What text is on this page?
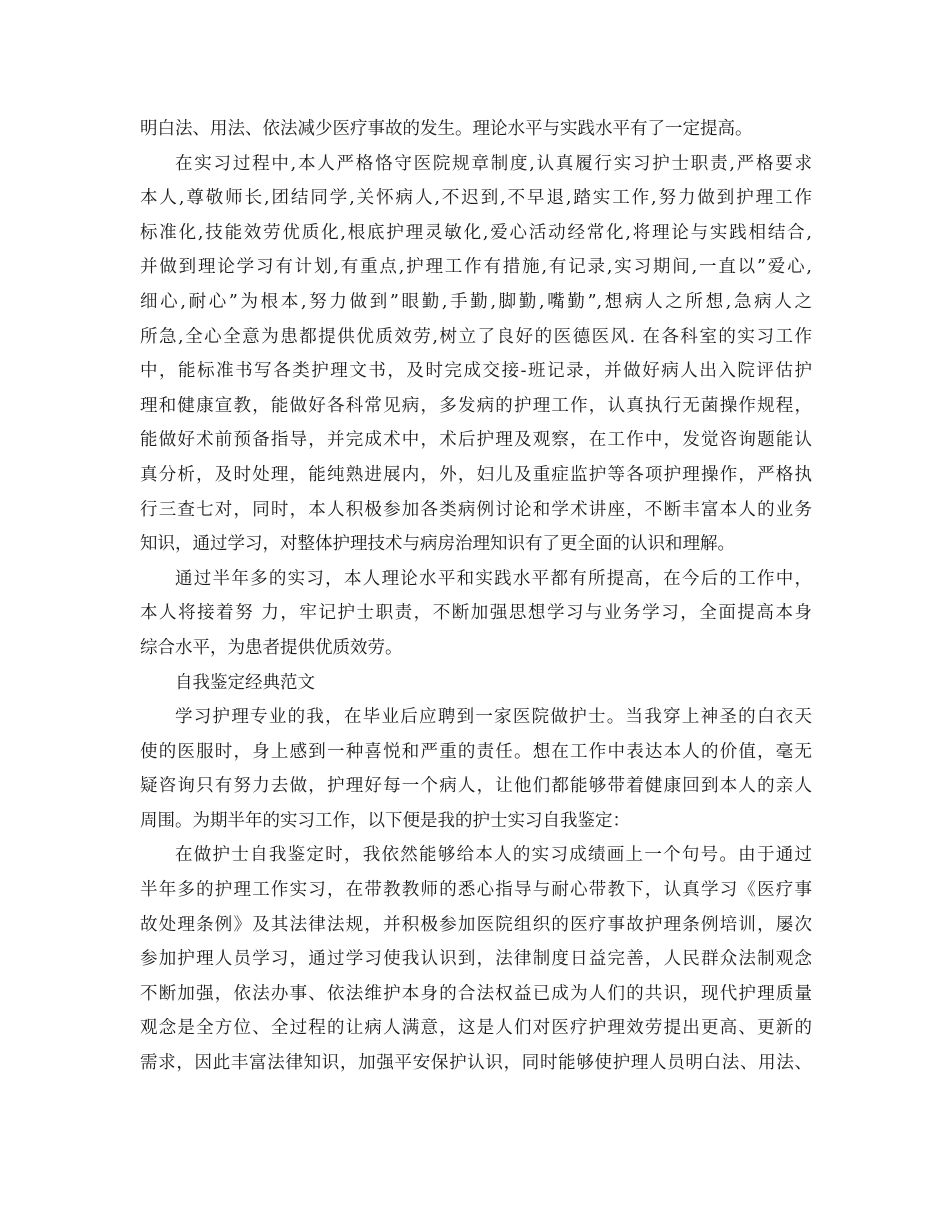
明白法、用法、依法减少医疗事故的发生。理论水平与实践水平有了一定提高。
在实习过程中,本人严格恪守医院规章制度,认真履行实习护士职责,严格要求
本人,尊敬师长,团结同学,关怀病人,不迟到,不早退,踏实工作,努力做到护理工作
标准化,技能效劳优质化,根底护理灵敏化,爱心活动经常化,将理论与实践相结合,
并做到理论学习有计划,有重点,护理工作有措施,有记录,实习期间,一直以”爱心,
细心,耐心”为根本,努力做到”眼勤,手勤,脚勤,嘴勤”,想病人之所想,急病人之
所急,全心全意为患都提供优质效劳,树立了良好的医德医风. 在各科室的实习工作
中，能标准书写各类护理文书，及时完成交接-班记录，并做好病人出入院评估护
理和健康宣教，能做好各科常见病，多发病的护理工作，认真执行无菌操作规程，
能做好术前预备指导，并完成术中，术后护理及观察，在工作中，发觉咨询题能认
真分析，及时处理，能纯熟进展内，外，妇儿及重症监护等各项护理操作，严格执
行三查七对，同时，本人积极参加各类病例讨论和学术讲座，不断丰富本人的业务
知识，通过学习，对整体护理技术与病房治理知识有了更全面的认识和理解。
通过半年多的实习，本人理论水平和实践水平都有所提高，在今后的工作中，
本人将接着努 力，牢记护士职责，不断加强思想学习与业务学习，全面提高本身
综合水平，为患者提供优质效劳。
自我鉴定经典范文
学习护理专业的我，在毕业后应聘到一家医院做护士。当我穿上神圣的白衣天
使的医服时，身上感到一种喜悦和严重的责任。想在工作中表达本人的价值，毫无
疑咨询只有努力去做，护理好每一个病人，让他们都能够带着健康回到本人的亲人
周围。为期半年的实习工作，以下便是我的护士实习自我鉴定：
在做护士自我鉴定时，我依然能够给本人的实习成绩画上一个句号。由于通过
半年多的护理工作实习，在带教教师的悉心指导与耐心带教下，认真学习《医疗事
故处理条例》及其法律法规，并积极参加医院组织的医疗事故护理条例培训，屡次
参加护理人员学习，通过学习使我认识到，法律制度日益完善，人民群众法制观念
不断加强，依法办事、依法维护本身的合法权益已成为人们的共识，现代护理质量
观念是全方位、全过程的让病人满意，这是人们对医疗护理效劳提出更高、更新的
需求，因此丰富法律知识，加强平安保护认识，同时能够使护理人员明白法、用法、
